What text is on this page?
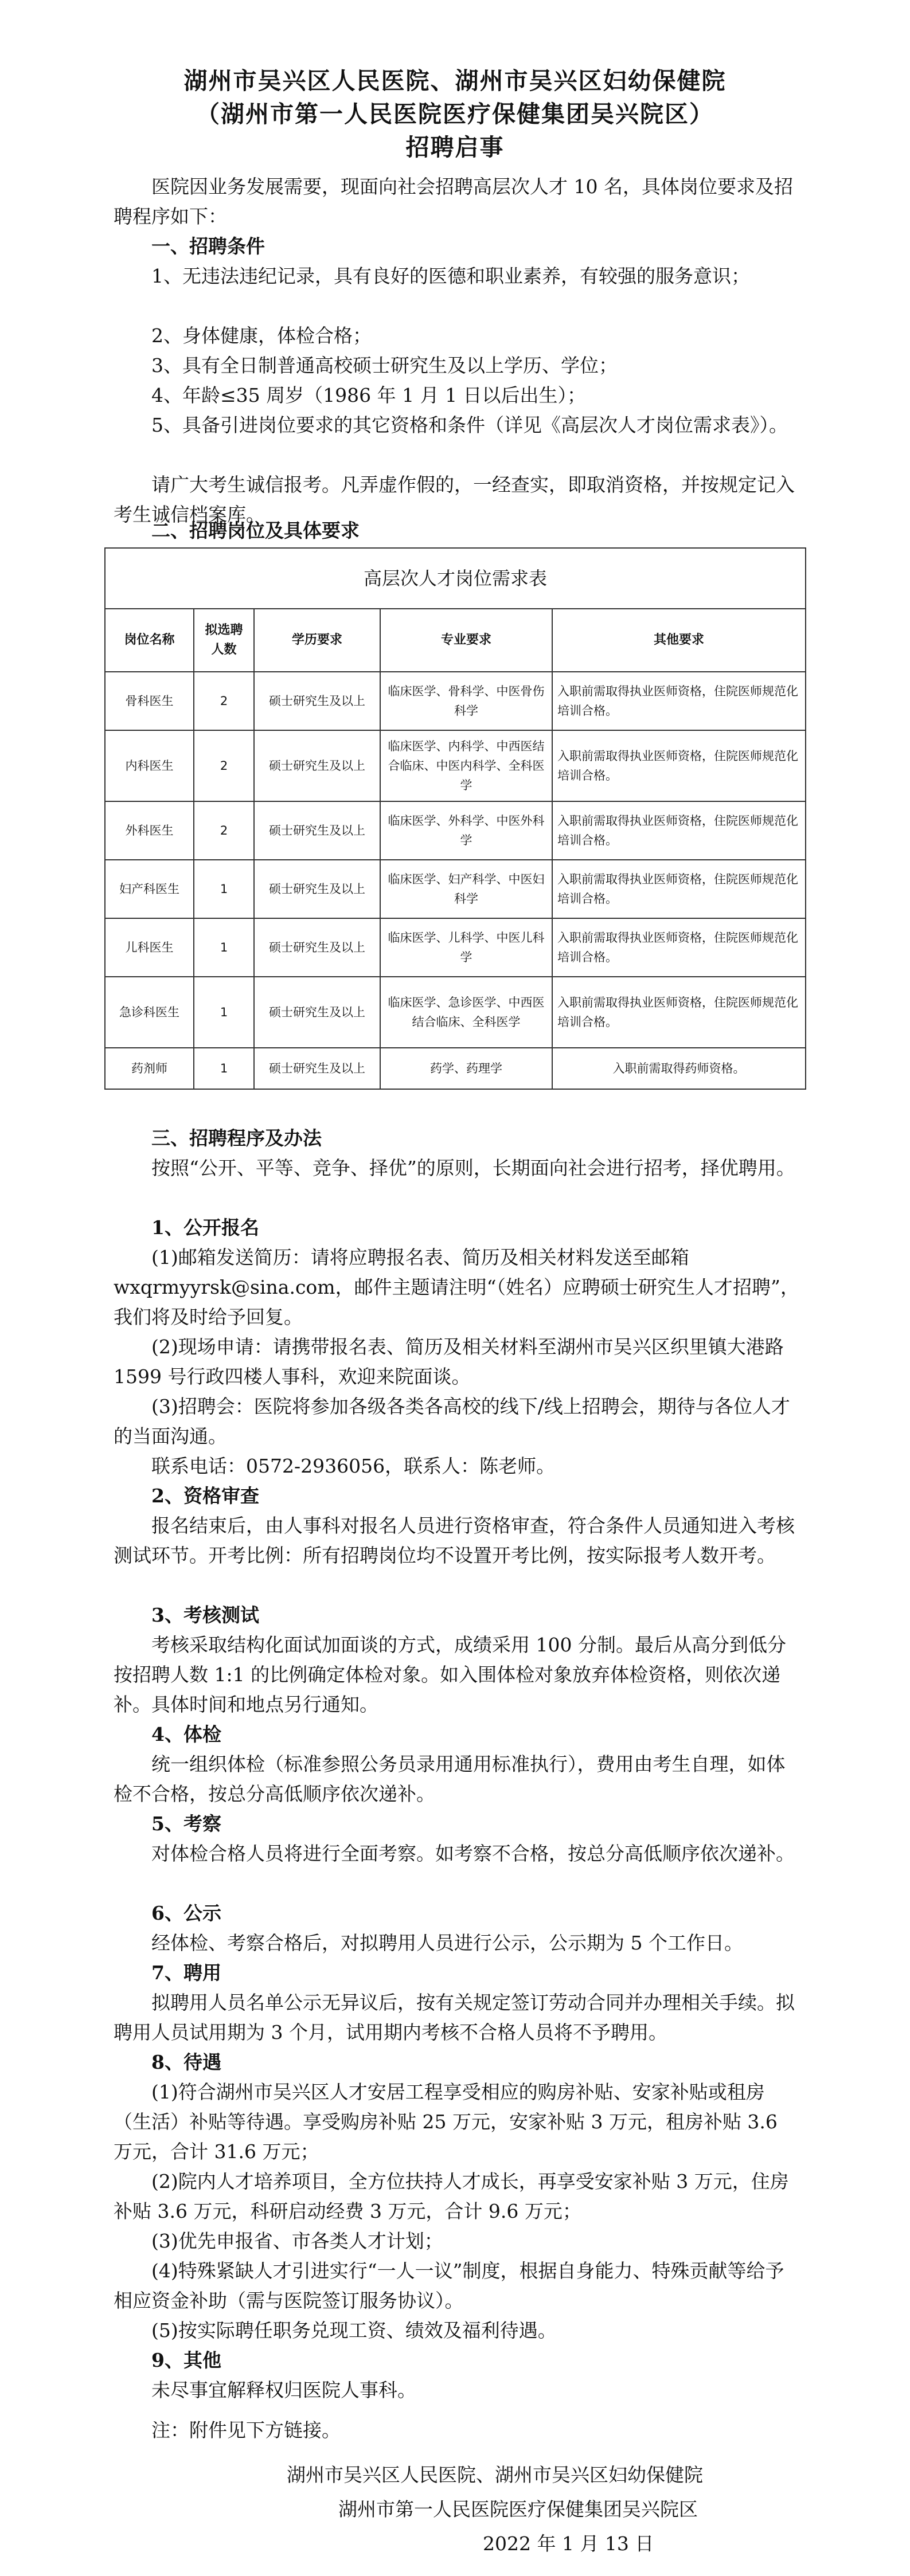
湖州市吴兴区人民医院、湖州市吴兴区妇幼保健院
（湖州市第一人民医院医疗保健集团吴兴院区）
招聘启事

医院因业务发展需要，现面向社会招聘高层次人才 10 名，具体岗位要求及招聘程序如下：

一、招聘条件

1、无违法违纪记录，具有良好的医德和职业素养，有较强的服务意识；

2、身体健康，体检合格；

3、具有全日制普通高校硕士研究生及以上学历、学位；

4、年龄≤35 周岁（1986 年 1 月 1 日以后出生）；

5、具备引进岗位要求的其它资格和条件（详见《高层次人才岗位需求表》）。

请广大考生诚信报考。凡弄虚作假的，一经查实，即取消资格，并按规定记入考生诚信档案库。

二、招聘岗位及具体要求

高层次人才岗位需求表				
岗位名称	拟选聘人数	学历要求	专业要求	其他要求
骨科医生	2	硕士研究生及以上	临床医学、骨科学、中医骨伤科学	入职前需取得执业医师资格，住院医师规范化培训合格。
内科医生	2	硕士研究生及以上	临床医学、内科学、中西医结合临床、中医内科学、全科医学	入职前需取得执业医师资格，住院医师规范化培训合格。
外科医生	2	硕士研究生及以上	临床医学、外科学、中医外科学	入职前需取得执业医师资格，住院医师规范化培训合格。
妇产科医生	1	硕士研究生及以上	临床医学、妇产科学、中医妇科学	入职前需取得执业医师资格，住院医师规范化培训合格。
儿科医生	1	硕士研究生及以上	临床医学、儿科学、中医儿科学	入职前需取得执业医师资格，住院医师规范化培训合格。
急诊科医生	1	硕士研究生及以上	临床医学、急诊医学、中西医结合临床、全科医学	入职前需取得执业医师资格，住院医师规范化培训合格。
药剂师	1	硕士研究生及以上	药学、药理学	入职前需取得药师资格。

三、招聘程序及办法

按照“公开、平等、竞争、择优”的原则，长期面向社会进行招考，择优聘用。

1、公开报名

(1)邮箱发送简历：请将应聘报名表、简历及相关材料发送至邮箱 wxqrmyyrsk@sina.com，邮件主题请注明“（姓名）应聘硕士研究生人才招聘”，我们将及时给予回复。

(2)现场申请：请携带报名表、简历及相关材料至湖州市吴兴区织里镇大港路 1599 号行政四楼人事科，欢迎来院面谈。

(3)招聘会：医院将参加各级各类各高校的线下/线上招聘会，期待与各位人才的当面沟通。

联系电话：0572-2936056，联系人：陈老师。

2、资格审查

报名结束后，由人事科对报名人员进行资格审查，符合条件人员通知进入考核测试环节。开考比例：所有招聘岗位均不设置开考比例，按实际报考人数开考。

3、考核测试

考核采取结构化面试加面谈的方式，成绩采用 100 分制。最后从高分到低分按招聘人数 1:1 的比例确定体检对象。如入围体检对象放弃体检资格，则依次递补。具体时间和地点另行通知。

4、体检

统一组织体检（标准参照公务员录用通用标准执行），费用由考生自理，如体检不合格，按总分高低顺序依次递补。

5、考察

对体检合格人员将进行全面考察。如考察不合格，按总分高低顺序依次递补。

6、公示

经体检、考察合格后，对拟聘用人员进行公示，公示期为 5 个工作日。

7、聘用

拟聘用人员名单公示无异议后，按有关规定签订劳动合同并办理相关手续。拟聘用人员试用期为 3 个月，试用期内考核不合格人员将不予聘用。

8、待遇

(1)符合湖州市吴兴区人才安居工程享受相应的购房补贴、安家补贴或租房（生活）补贴等待遇。享受购房补贴 25 万元，安家补贴 3 万元，租房补贴 3.6 万元，合计 31.6 万元；

(2)院内人才培养项目，全方位扶持人才成长，再享受安家补贴 3 万元，住房补贴 3.6 万元，科研启动经费 3 万元，合计 9.6 万元；

(3)优先申报省、市各类人才计划；

(4)特殊紧缺人才引进实行“一人一议”制度，根据自身能力、特殊贡献等给予相应资金补助（需与医院签订服务协议）。

(5)按实际聘任职务兑现工资、绩效及福利待遇。

9、其他

未尽事宜解释权归医院人事科。

注：附件见下方链接。

湖州市吴兴区人民医院、湖州市吴兴区妇幼保健院
湖州市第一人民医院医疗保健集团吴兴院区
2022 年 1 月 13 日
